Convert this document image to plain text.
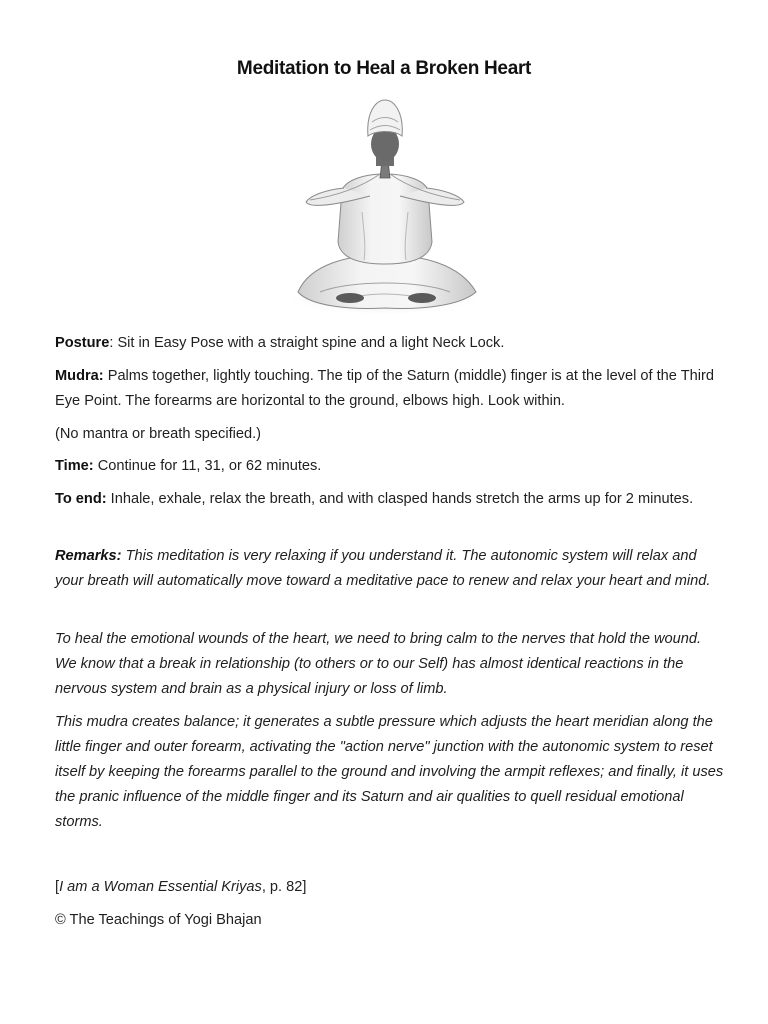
Meditation to Heal a Broken Heart

Posture: Sit in Easy Pose with a straight spine and a light Neck Lock.

Mudra: Palms together, lightly touching. The tip of the Saturn (middle) finger is at the level of the Third Eye Point. The forearms are horizontal to the ground, elbows high. Look within.

(No mantra or breath specified.)

Time: Continue for 11, 31, or 62 minutes.

To end: Inhale, exhale, relax the breath, and with clasped hands stretch the arms up for 2 minutes.

Remarks: This meditation is very relaxing if you understand it. The autonomic system will relax and your breath will automatically move toward a meditative pace to renew and relax your heart and mind.

To heal the emotional wounds of the heart, we need to bring calm to the nerves that hold the wound. We know that a break in relationship (to others or to our Self) has almost identical reactions in the nervous system and brain as a physical injury or loss of limb.

This mudra creates balance; it generates a subtle pressure which adjusts the heart meridian along the little finger and outer forearm, activating the "action nerve" junction with the autonomic system to reset itself by keeping the forearms parallel to the ground and involving the armpit reflexes; and finally, it uses the pranic influence of the middle finger and its Saturn and air qualities to quell residual emotional storms.

[I am a Woman Essential Kriyas, p. 82]

© The Teachings of Yogi Bhajan
